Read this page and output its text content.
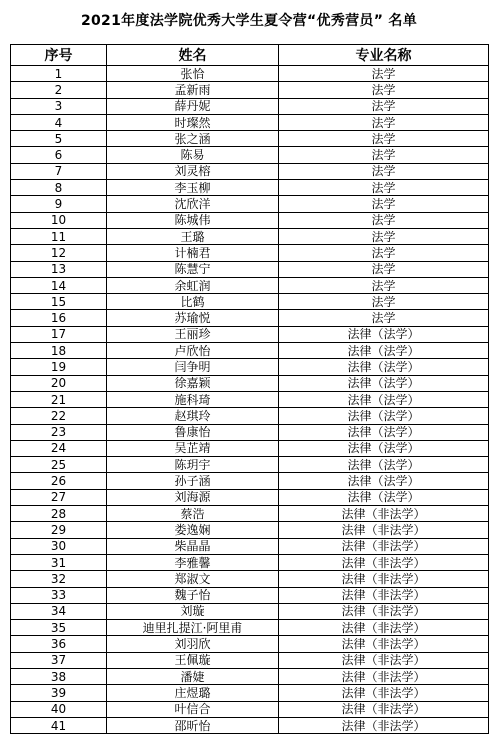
2021年度法学院优秀大学生夏令营“优秀营员” 名单
序号	姓名	专业名称
1	张恰	法学
2	孟新雨	法学
3	薛丹妮	法学
4	时璨然	法学
5	张之涵	法学
6	陈易	法学
7	刘灵榕	法学
8	李玉柳	法学
9	沈欣洋	法学
10	陈城伟	法学
11	王璐	法学
12	计楠君	法学
13	陈慧宁	法学
14	余虹润	法学
15	比鹤	法学
16	苏瑜悦	法学
17	王丽珍	法律（法学）
18	卢欣怡	法律（法学）
19	闫争明	法律（法学）
20	徐嘉颖	法律（法学）
21	施科琦	法律（法学）
22	赵琪玲	法律（法学）
23	鲁康怡	法律（法学）
24	吴芷靖	法律（法学）
25	陈玥宇	法律（法学）
26	孙子涵	法律（法学）
27	刘海源	法律（法学）
28	蔡浩	法律（非法学）
29	娄逸娴	法律（非法学）
30	柴晶晶	法律（非法学）
31	李雅馨	法律（非法学）
32	郑淑文	法律（非法学）
33	魏子怡	法律（非法学）
34	刘璇	法律（非法学）
35	迪里扎提江·阿里甫	法律（非法学）
36	刘羽欣	法律（非法学）
37	王佩璇	法律（非法学）
38	潘婕	法律（非法学）
39	庄煜璐	法律（非法学）
40	叶信合	法律（非法学）
41	邵昕怡	法律（非法学）
